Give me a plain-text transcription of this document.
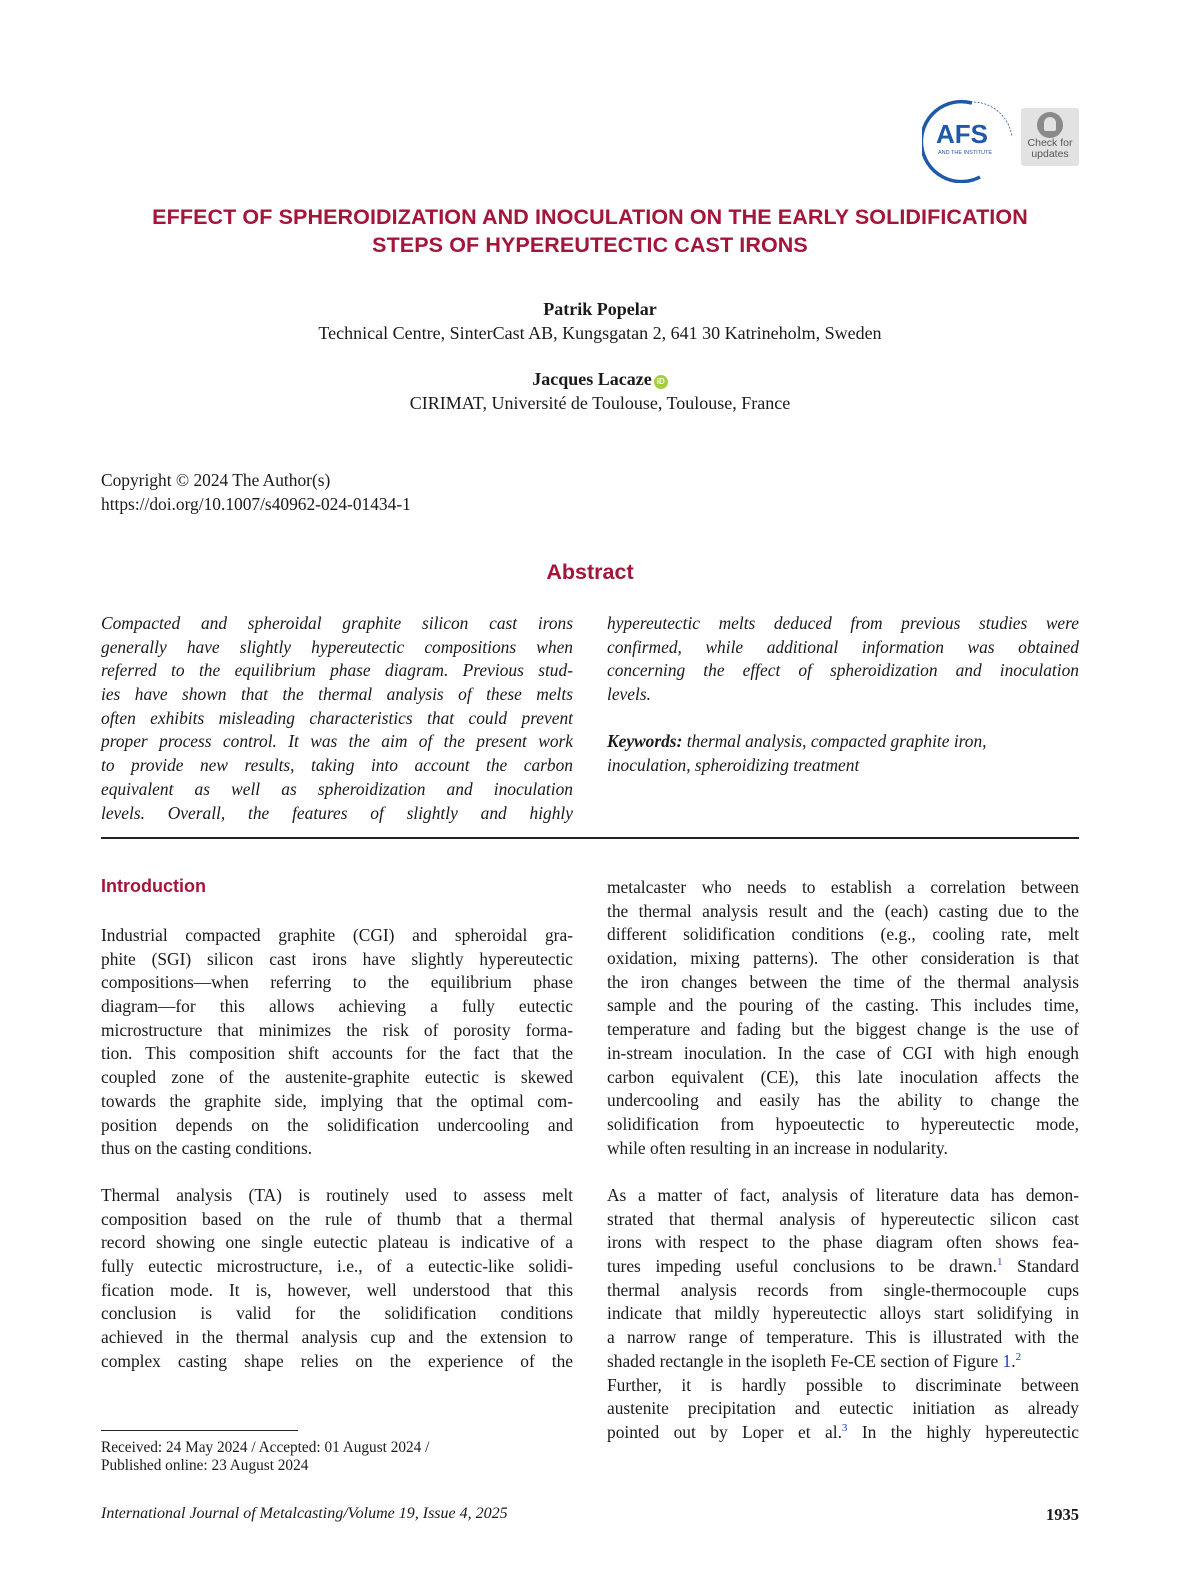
AFS
AND THE INSTITUTE
Check for updates
EFFECT OF SPHEROIDIZATION AND INOCULATION ON THE EARLY SOLIDIFICATION
STEPS OF HYPEREUTECTIC CAST IRONS
Patrik Popelar
Technical Centre, SinterCast AB, Kungsgatan 2, 641 30 Katrineholm, Sweden
Jacques Lacaze iD
CIRIMAT, Université de Toulouse, Toulouse, France
Copyright © 2024 The Author(s)
https://doi.org/10.1007/s40962-024-01434-1
Abstract
Compacted and spheroidal graphite silicon cast irons
generally have slightly hypereutectic compositions when
referred to the equilibrium phase diagram. Previous stud-
ies have shown that the thermal analysis of these melts
often exhibits misleading characteristics that could prevent
proper process control. It was the aim of the present work
to provide new results, taking into account the carbon
equivalent as well as spheroidization and inoculation
levels. Overall, the features of slightly and highly
hypereutectic melts deduced from previous studies were
confirmed, while additional information was obtained
concerning the effect of spheroidization and inoculation
levels.
Keywords: thermal analysis, compacted graphite iron,
inoculation, spheroidizing treatment
Introduction
Industrial compacted graphite (CGI) and spheroidal gra-
phite (SGI) silicon cast irons have slightly hypereutectic
compositions—when referring to the equilibrium phase
diagram—for this allows achieving a fully eutectic
microstructure that minimizes the risk of porosity forma-
tion. This composition shift accounts for the fact that the
coupled zone of the austenite-graphite eutectic is skewed
towards the graphite side, implying that the optimal com-
position depends on the solidification undercooling and
thus on the casting conditions.
Thermal analysis (TA) is routinely used to assess melt
composition based on the rule of thumb that a thermal
record showing one single eutectic plateau is indicative of a
fully eutectic microstructure, i.e., of a eutectic-like solidi-
fication mode. It is, however, well understood that this
conclusion is valid for the solidification conditions
achieved in the thermal analysis cup and the extension to
complex casting shape relies on the experience of the
metalcaster who needs to establish a correlation between
the thermal analysis result and the (each) casting due to the
different solidification conditions (e.g., cooling rate, melt
oxidation, mixing patterns). The other consideration is that
the iron changes between the time of the thermal analysis
sample and the pouring of the casting. This includes time,
temperature and fading but the biggest change is the use of
in-stream inoculation. In the case of CGI with high enough
carbon equivalent (CE), this late inoculation affects the
undercooling and easily has the ability to change the
solidification from hypoeutectic to hypereutectic mode,
while often resulting in an increase in nodularity.
As a matter of fact, analysis of literature data has demon-
strated that thermal analysis of hypereutectic silicon cast
irons with respect to the phase diagram often shows fea-
tures impeding useful conclusions to be drawn.$^1$ Standard
thermal analysis records from single-thermocouple cups
indicate that mildly hypereutectic alloys start solidifying in
a narrow range of temperature. This is illustrated with the
shaded rectangle in the isopleth Fe-CE section of Figure 1.$^2$
Further, it is hardly possible to discriminate between
austenite precipitation and eutectic initiation as already
pointed out by Loper et al.$^3$ In the highly hypereutectic
Received: 24 May 2024 / Accepted: 01 August 2024 /
Published online: 23 August 2024
International Journal of Metalcasting/Volume 19, Issue 4, 2025	1935
